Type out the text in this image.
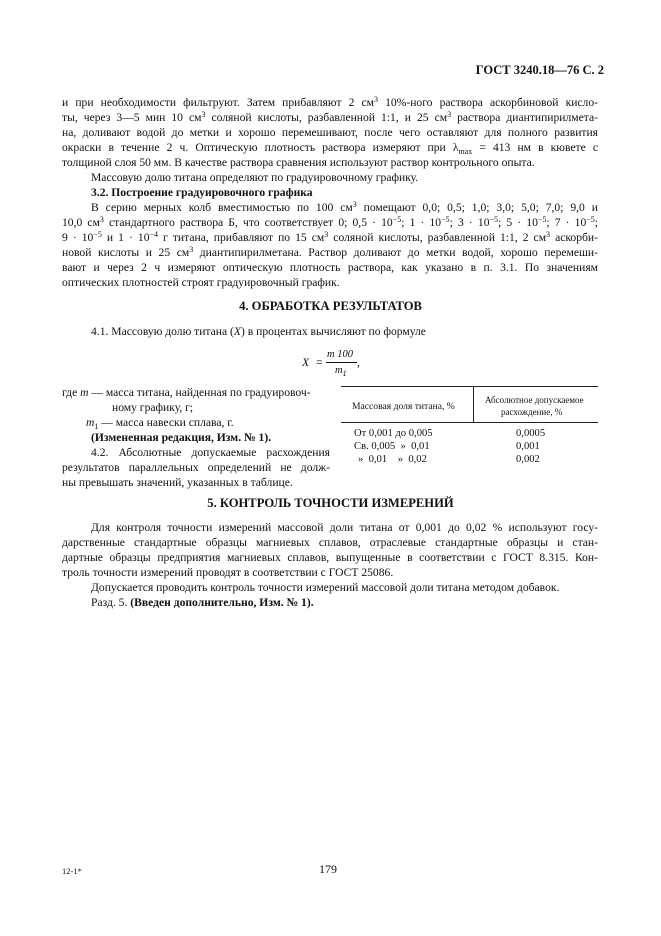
ГОСТ 3240.18—76 С. 2
и при необходимости фильтруют. Затем прибавляют 2 $см^3$ 10%-ного раствора аскорбиновой кисло-
ты, через 3—5 мин 10 $см^3$ соляной кислоты, разбавленной 1:1, и 25 $см^3$ раствора диантипирилмета-
на, доливают водой до метки и хорошо перемешивают, после чего оставляют для полного развития
окраски в течение 2 ч. Оптическую плотность раствора измеряют при $\lambda_{max} = 413$ нм в кювете с
толщиной слоя 50 мм. В качестве раствора сравнения используют раствор контрольного опыта.
Массовую долю титана определяют по градуировочному графику.
3.2. Построение градуировочного графика
В серию мерных колб вместимостью по 100 $см^3$ помещают 0,0; 0,5; 1,0; 3,0; 5,0; 7,0; 9,0 и
10,0 $см^3$ стандартного раствора Б, что соответствует 0; $0,5 \cdot 10^{-5}$; $1 \cdot 10^{-5}$; $3 \cdot 10^{-5}$; $5 \cdot 10^{-5}$; $7 \cdot 10^{-5}$;
$9 \cdot 10^{-5}$ и $1 \cdot 10^{-4}$ г титана, прибавляют по 15 $см^3$ соляной кислоты, разбавленной 1:1, 2 $см^3$ аскорби-
новой кислоты и 25 $см^3$ диантипирилметана. Раствор доливают до метки водой, хорошо перемеши-
вают и через 2 ч измеряют оптическую плотность раствора, как указано в п. 3.1. По значениям
оптических плотностей строят градуировочный график.
4. ОБРАБОТКА РЕЗУЛЬТАТОВ
4.1. Массовую долю титана (X) в процентах вычисляют по формуле
X =
m 100
$m_1$
,
где m — масса титана, найденная по градуировоч-
ному графику, г;
$m_1$ — масса навески сплава, г.
(Измененная редакция, Изм. № 1).
4.2. Абсолютные допускаемые расхождения
результатов параллельных определений не долж-
ны превышать значений, указанных в таблице.
Массовая доля титана, %
Абсолютное допускаемое
расхождение, %
От 0,001 до 0,005	0,0005
Св. 0,005  »  0,01	0,001
»  0,01    »  0,02	0,002
5. КОНТРОЛЬ ТОЧНОСТИ ИЗМЕРЕНИЙ
Для контроля точности измерений массовой доли титана от 0,001 до 0,02 % используют госу-
дарственные стандартные образцы магниевых сплавов, отраслевые стандартные образцы и стан-
дартные образцы предприятия магниевых сплавов, выпущенные в соответствии с ГОСТ 8.315. Кон-
троль точности измерений проводят в соответствии с ГОСТ 25086.
Допускается проводить контроль точности измерений массовой доли титана методом добавок.
Разд. 5. (Введен дополнительно, Изм. № 1).
12-1*	179
